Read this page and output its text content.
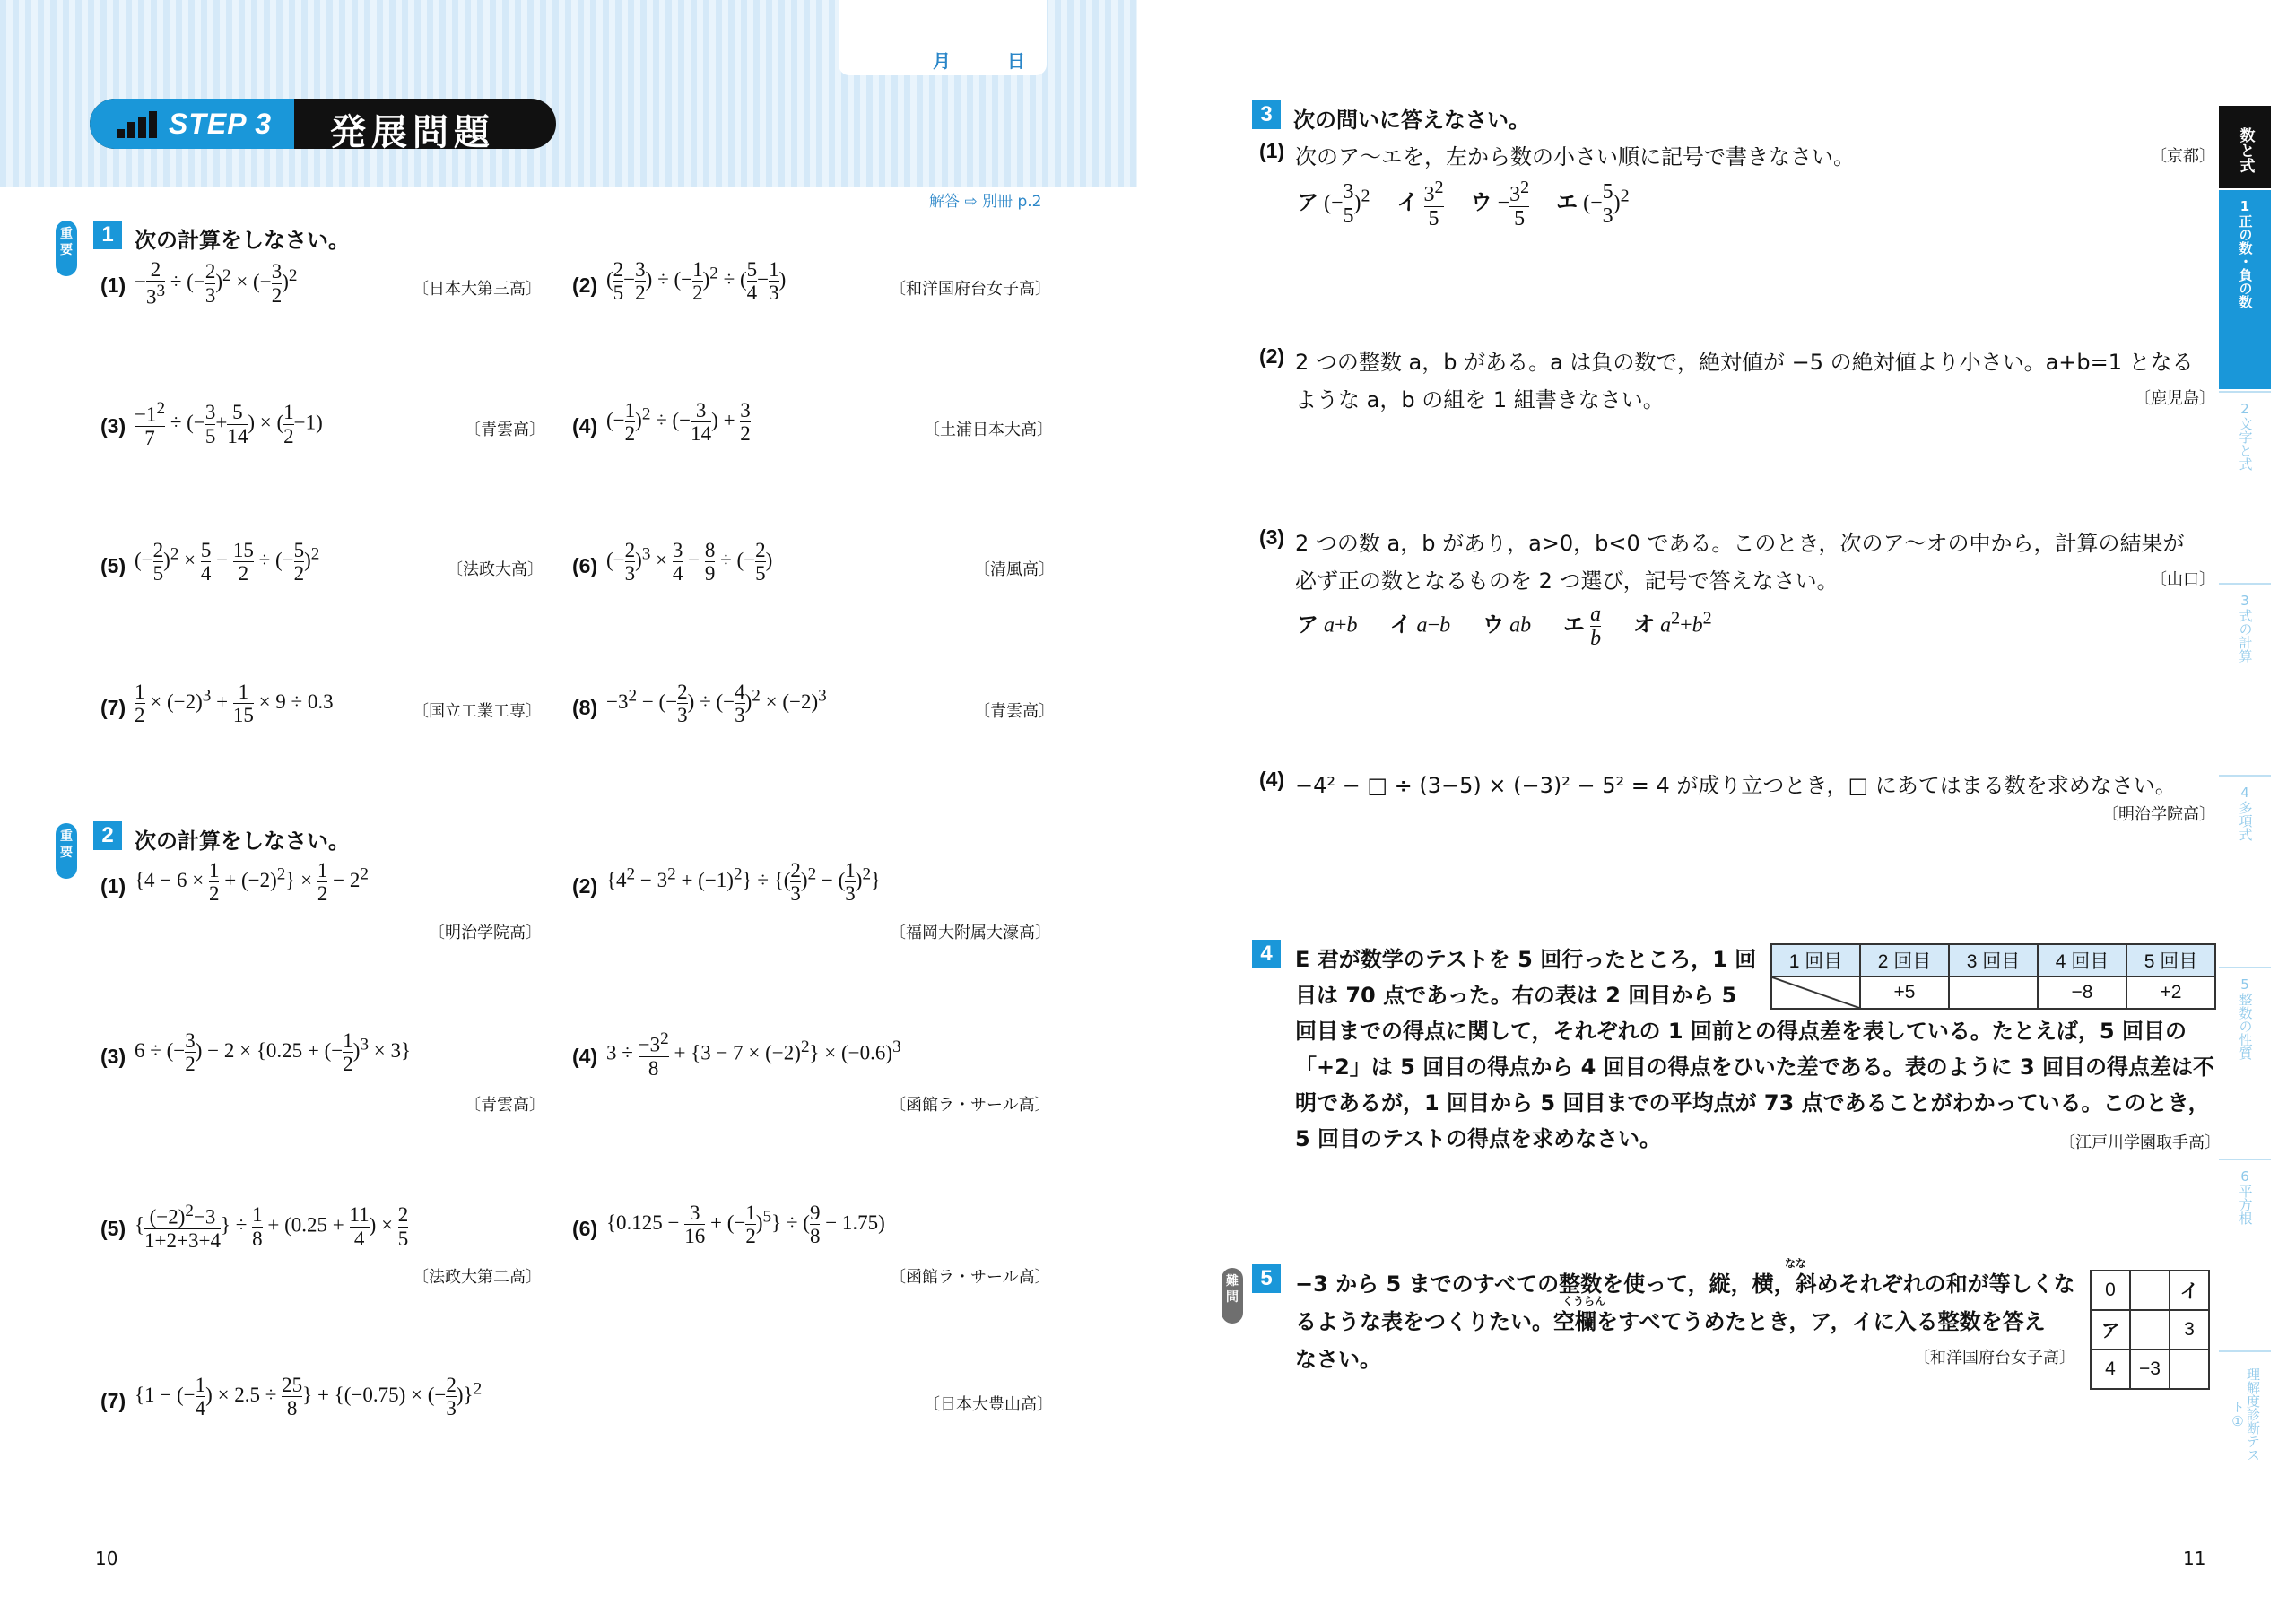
月	日
STEP 3 発展問題
解答 ⇨ 別冊 p.2
重要
1 次の計算をしなさい。
$(1) - \frac{2}{3^3}$ ÷ (− $\frac{2}{3} )^2$ × (− $\frac{3}{2} )^2$
〔日本大第三高〕 (2) ( $\frac{2}{5} - \frac{3}{2}$ ) ÷ (− $\frac{1}{2} )^2$ ÷ ( $\frac{5}{4} - \frac{1}{3}$ )	〔和洋国府台女子高〕
$(3) \frac{-1^2}{7}$ ÷ (− $\frac{3}{5} + \frac{5}{14}$ ) × ( $\frac{1}{2} -1$)	〔青雲高〕 (4) (− $\frac{1}{2} )^2$ ÷ (− $\frac{3}{14}$ ) + $\frac{3}{2}$	〔土浦日本大高〕
(5) (− $\frac{2}{5} )^2 \times \frac{5}{4} - \frac{15}{2}$ ÷ (− $\frac{5}{2} )^2$
〔法政大高〕 (6) (− $\frac{2}{3} )^3 \times \frac{3}{4} - \frac{8}{9}$ ÷ (− $\frac{2}{5}$ )	〔清風高〕
$(7) \frac{1}{2} \times (-2)^3 + \frac{1}{15} \times 9 \div 0.3$	〔国立工業工専〕 $(8) -3^2$ − (− $\frac{2}{3}$ ) ÷ (− $\frac{4}{3} )^2 \times (-2)^3$
〔青雲高〕
重要
2 次の計算をしなさい。
(1) $\{4 - 6 \times \frac{1}{2} + (-2)^2\} \times \frac{1}{2} - 2^2$
〔明治学院高〕
(2) $\{4^2 - 3^2 + (-1)^2\}$ ÷ {( $\frac{2}{3} )^2$ − ( $\frac{1}{3} )^2$}
〔福岡大附属大濠高〕
(3) 6 ÷ (− $\frac{3}{2}$ ) − 2 × {0.25 + (− $\frac{1}{2} )^3 \times 3$}
〔青雲高〕
(4) $3 \div \frac{-3^2}{8} + \{3 - 7 \times (-2)^2\} \times (-0.6)^3$
〔函館ラ・サール高〕
(5) { $\frac{(-2)^2-3}{1+2+3+4}$ } ÷ $\frac{1}{8} + (0.25 + \frac{11}{4}$ ) × $\frac{2}{5}$
〔法政大第二高〕
(6) {$0.125 - \frac{3}{16}$ + (− $\frac{1}{2} )^5$} ÷ ( $\frac{9}{8} - 1.75$)
〔函館ラ・サール高〕
(7) {1 − (− $\frac{1}{4}$ ) × $2.5 \div \frac{25}{8}$ } + {(−0.75) × (− $\frac{2}{3} )\}^2$
〔日本大豊山高〕
10
3 次の問いに答えなさい。
(1) 次のア～エを，左から数の小さい順に記号で書きなさい。	〔京都〕
ア (− $\frac{3}{5} )^2$ イ $\frac{3^2}{5}$ ウ − $\frac{3^2}{5}$ エ (− $\frac{5}{3} )^2$
(2) 2 つの整数 a，b がある。a は負の数で，絶対値が −5 の絶対値より小さい。a+b=1 となる
ような a，b の組を 1 組書きなさい。	〔鹿児島〕
(3) 2 つの数 a，b があり，a>0，b<0 である。このとき，次のア～オの中から，計算の結果が
必ず正の数となるものを 2 つ選び，記号で答えなさい。	〔山口〕
ア a+b イ a−b ウ ab エ $\frac{a}{b}$ オ $a^2+b^2$
(4) −4² − □ ÷ (3−5) × (−3)² − 5² = 4 が成り立つとき，□ にあてはまる数を求めなさい。
〔明治学院高〕
4	E 君が数学のテストを 5 回行ったところ，1 回
目は 70 点であった。右の表は 2 回目から 5
回目までの得点に関して，それぞれの 1 回前との得点差を表している。たとえば，5 回目の
「+2」は 5 回目の得点から 4 回目の得点をひいた差である。表のように 3 回目の得点差は不
明であるが，1 回目から 5 回目までの平均点が 73 点であることがわかっている。このとき，
5 回目のテストの得点を求めなさい。	〔江戸川学園取手高〕
1 回目	2 回目	3 回目	4 回目	5 回目
	+5		−8	+2
難問
5
なな
くうらん
−3 から 5 までのすべての整数を使って，縦，横，斜めそれぞれの和が等しくな
るような表をつくりたい。空欄をすべてうめたとき，ア，イに入る整数を答え
なさい。	〔和洋国府台女子高〕
0		イ
ア		3
4	−3	
11
数と式
1
正の数・負の数
2
文字と式
3
式の計算
4
多項式
5
整数の性質
6
平方根
理解度診断テスト①
